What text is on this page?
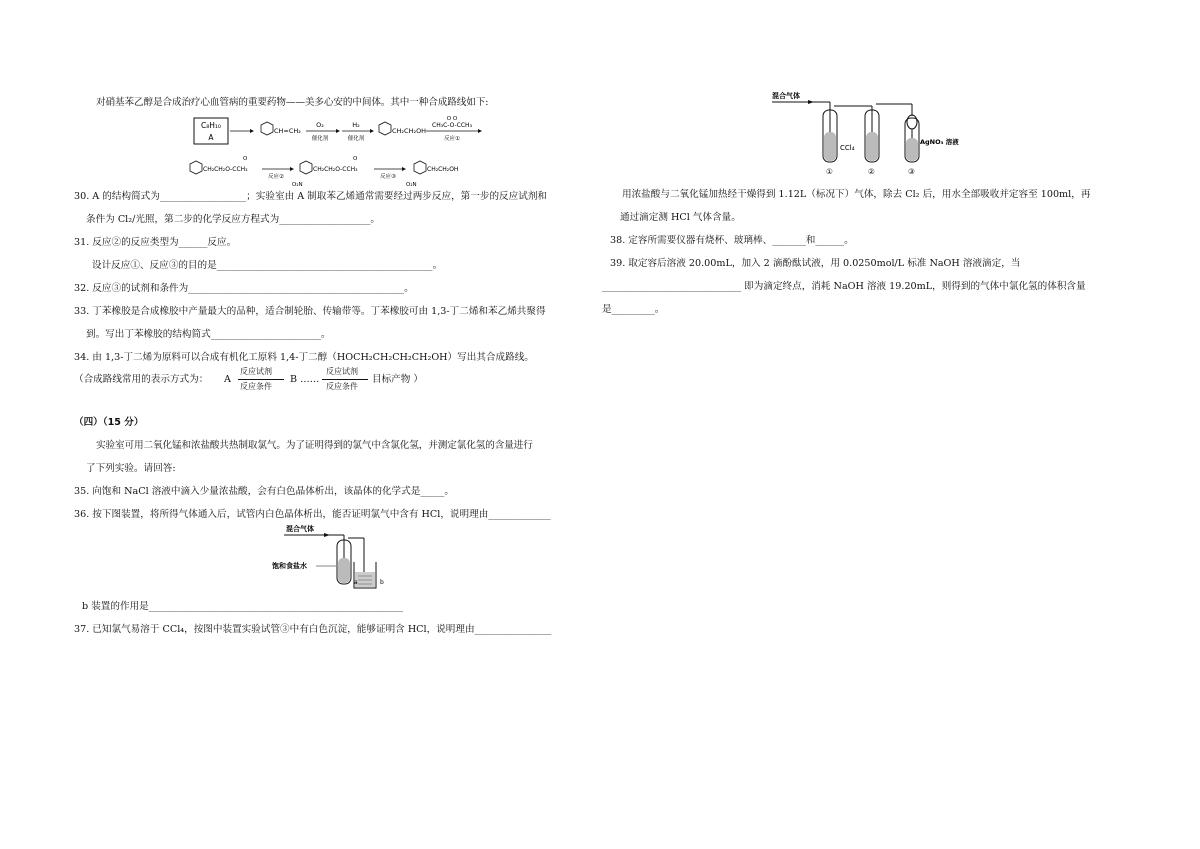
对硝基苯乙醇是合成治疗心血管病的重要药物——美多心安的中间体。其中一种合成路线如下:

C₈H₁₀
A
CH=CH₂
O₂
催化剂
H₂
催化剂
CH₂CH₂OH
O O
CH₃C-O-CCH₃
反应①
O
CH₂CH₂O-CCH₃
反应②
O₂N
O
CH₂CH₂O-CCH₃
反应③
O₂N
CH₂CH₂OH

30. A 的结构简式为__________________；实验室由 A 制取苯乙烯通常需要经过两步反应，第一步的反应试剂和

条件为 Cl₂/光照，第二步的化学反应方程式为___________________。

31. 反应②的反应类型为______反应。

设计反应①、反应③的目的是_____________________________________________。

32. 反应③的试剂和条件为_____________________________________________。

33. 丁苯橡胶是合成橡胶中产量最大的品种，适合制轮胎、传输带等。丁苯橡胶可由 1,3-丁二烯和苯乙烯共聚得

到。写出丁苯橡胶的结构简式_______________________。

34. 由 1,3-丁二烯为原料可以合成有机化工原料 1,4-丁二醇（HOCH₂CH₂CH₂CH₂OH）写出其合成路线。

（合成路线常用的表示方式为： A
反应试剂
反应条件
B ……
反应试剂
反应条件
目标产物 ）

（四）（15 分）

实验室可用二氧化锰和浓盐酸共热制取氯气。为了证明得到的氯气中含氯化氢，并测定氯化氢的含量进行

了下列实验。请回答:

35. 向饱和 NaCl 溶液中滴入少量浓盐酸，会有白色晶体析出，该晶体的化学式是_____。

36. 按下图装置，将所得气体通入后，试管内白色晶体析出，能否证明氯气中含有 HCl，说明理由_____________

混合气体
饱和食盐水
a	b

b 装置的作用是_____________________________________________________

37. 已知氯气易溶于 CCl₄，按图中装置实验试管③中有白色沉淀，能够证明含 HCl，说明理由________________

混合气体
CCl₄
AgNO₃ 溶液
①	②	③

用浓盐酸与二氧化锰加热经干燥得到 1.12L（标况下）气体，除去 Cl₂ 后，用水全部吸收并定容至 100ml，再

通过滴定测 HCl 气体含量。

38. 定容所需要仪器有烧杯、玻璃棒、_______和______。

39. 取定容后溶液 20.00mL，加入 2 滴酚酞试液，用 0.0250mol/L 标准 NaOH 溶液滴定，当

_____________________________ 即为滴定终点，消耗 NaOH 溶液 19.20mL，则得到的气体中氯化氢的体积含量

是_________。
